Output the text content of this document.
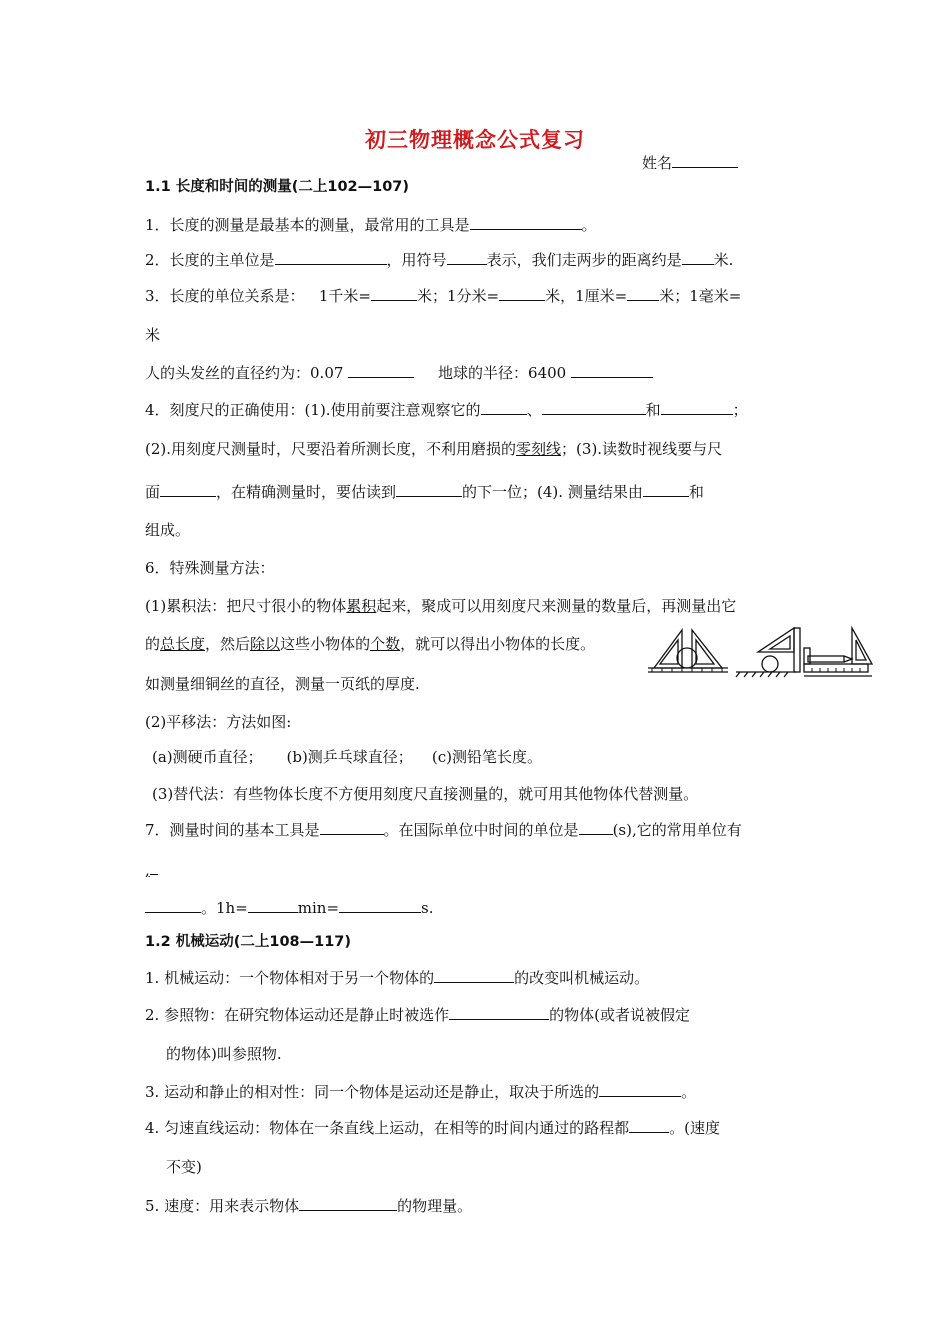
初三物理概念公式复习
姓名
1.1 长度和时间的测量(二上102—107)
1．长度的测量是最基本的测量，最常用的工具是	。
2．长度的主单位是	，用符号	表示，我们走两步的距离约是 米.
3．长度的单位关系是： 1千米=	米；1分米=	米，1厘米= 米；1毫米=
米
人的头发丝的直径约为：0.07	地球的半径：6400
4．刻度尺的正确使用：(1).使用前要注意观察它的	、	和	；
(2).用刻度尺测量时，尺要沿着所测长度，不利用磨损的零刻线；(3).读数时视线要与尺
面	，在精确测量时，要估读到	的下一位；(4). 测量结果由	和
组成。
6．特殊测量方法：
(1)累积法：把尺寸很小的物体累积起来，聚成可以用刻度尺来测量的数量后，再测量出它
的总长度，然后除以这些小物体的个数，就可以得出小物体的长度。
如测量细铜丝的直径，测量一页纸的厚度.
(2)平移法：方法如图:
(a)测硬币直径； (b)测乒乓球直径； (c)测铅笔长度。
(3)替代法：有些物体长度不方便用刻度尺直接测量的，就可用其他物体代替测量。
7．测量时间的基本工具是	。在国际单位中时间的单位是 (s),它的常用单位有
,
。1h=	min=	s.
1.2 机械运动(二上108—117)
1. 机械运动：一个物体相对于另一个物体的	的改变叫机械运动。
2. 参照物：在研究物体运动还是静止时被选作	的物体(或者说被假定
的物体)叫参照物.
3. 运动和静止的相对性：同一个物体是运动还是静止，取决于所选的	。
4. 匀速直线运动：物体在一条直线上运动，在相等的时间内通过的路程都	。(速度
不变)
5. 速度：用来表示物体	的物理量。
